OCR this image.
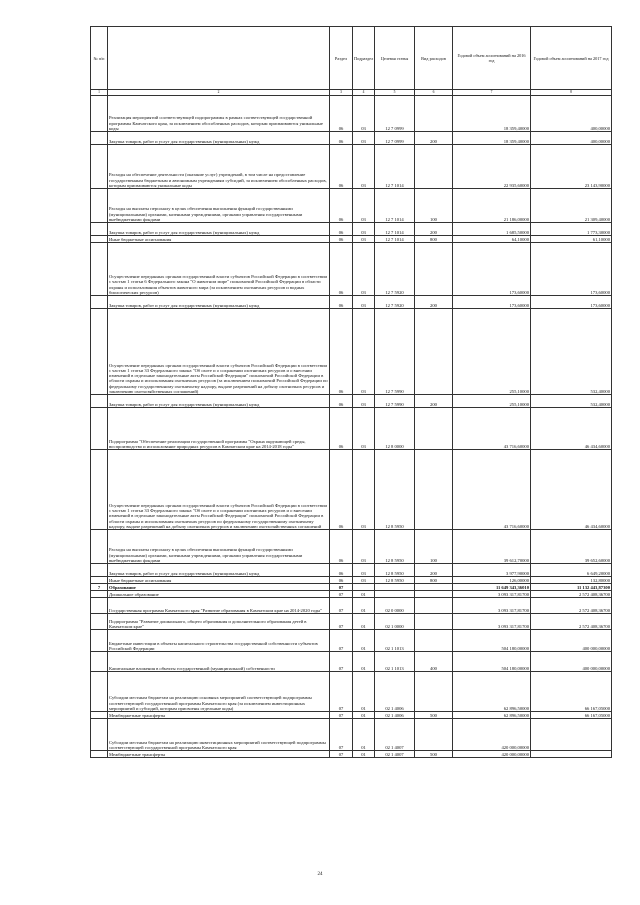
№ п/п		Раздел	Подраздел	Целевая статья	Вид расходов	Годовой объем ассигнований на 2016 год	Годовой объем ассигнований на 2017 год
1	2	3	4	5	6	7	8
	Реализация мероприятий соответствующей подпрограммы в рамках соответствующей государственной программы Камчатского края, за исключением обособленных расходов, которым присваиваются уникальные коды	06	03	12 7 0999		18 359,40000	400,00000
	Закупка товаров, работ и услуг для государственных (муниципальных) нужд	06	03	12 7 0999	200	18 359,40000	400,00000
	Расходы на обеспечение деятельности (оказание услуг) учреждений, в том числе на предоставление государственным бюджетным и автономным учреждениям субсидий, за исключением обособленных расходов, которым присваиваются уникальные коды	06	03	12 7 1014		22 935,60000	23 143,90000
	Расходы на выплаты персоналу в целях обеспечения выполнения функций государственными (муниципальными) органами, казенными учреждениями, органами управления государственными внебюджетными фондами	06	03	12 7 1014	100	21 186,00000	21 309,40000
	Закупка товаров, работ и услуг для государственных (муниципальных) нужд	06	03	12 7 1014	200	1 685,50000	1 773,30000
	Иные бюджетные ассигнования	06	03	12 7 1014	800	64,10000	61,10000
	Осуществление переданных органам государственной власти субъектов Российской Федерации в соответствии с частью 1 статьи 6 Федерального закона "О животном мире" полномочий Российской Федерации в области охраны и использования объектов животного мира (за исключением охотничьих ресурсов и водных биологических ресурсов)	06	03	12 7 5920		173,60000	173,60000
	Закупка товаров, работ и услуг для государственных (муниципальных) нужд	06	03	12 7 5920	200	173,60000	173,60000
	Осуществление переданных органам государственной власти субъектов Российской Федерации в соответствии с частью 1 статьи 33 Федерального закона "Об охоте и о сохранении охотничьих ресурсов и о внесении изменений в отдельные законодательные акты Российской Федерации" полномочий Российской Федерации в области охраны и использования охотничьих ресурсов (за исключением полномочий Российской Федерации по федеральному государственному охотничьему надзору, выдаче разрешений на добычу охотничьих ресурсов и заключению охотхозяйственных соглашений)	06	03	12 7 5990		255,10000	532,40000
	Закупка товаров, работ и услуг для государственных (муниципальных) нужд	06	03	12 7 5990	200	255,10000	532,40000
	Подпрограмма "Обеспечение реализации государственной программы "Охрана окружающей среды, воспроизводство и использование природных ресурсов в Камчатском крае на 2014-2018 годы"	06	03	12 8 0000		43 716,60000	46 434,60000
	Осуществление переданных органам государственной власти субъектов Российской Федерации в соответствии с частью 1 статьи 33 Федерального закона "Об охоте и о сохранении охотничьих ресурсов и о внесении изменений в отдельные законодательные акты Российской Федерации" полномочий Российской Федерации в области охраны и использования охотничьих ресурсов по федеральному государственному охотничьему надзору, выдаче разрешений на добычу охотничьих ресурсов и заключению охотхозяйственных соглашений	06	03	12 8 5950		43 716,60000	46 434,60000
	Расходы на выплаты персоналу в целях обеспечения выполнения функций государственными (муниципальными) органами, казенными учреждениями, органами управления государственными внебюджетными фондами	06	03	12 8 5950	100	39 612,70000	39 652,60000
	Закупка товаров, работ и услуг для государственных (муниципальных) нужд	06	03	12 8 5950	200	3 977,90000	6 649,20000
	Иные бюджетные ассигнования	06	03	12 8 5950	800	126,00000	132,80000
7	Образование	07				11 649 343,36010	11 132 443,87300
	Дошкольное образование	07	01			3 093 317,81700	2 572 408,36700
	Государственная программа Камчатского края "Развитие образования в Камчатском крае на 2014-2020 годы"	07	01	02 0 0000		3 093 317,81700	2 572 408,36700
	Подпрограмма "Развитие дошкольного, общего образования и дополнительного образования детей в Камчатском крае"	07	01	02 1 0000		3 093 317,81700	2 572 408,36700
	Бюджетные инвестиции в объекты капитального строительства государственной собственности субъектов Российской Федерации	07	01	02 1 1013		504 180,00000	400 000,00000
	Капитальные вложения в объекты государственной (муниципальной) собственности	07	01	02 1 1013	400	504 180,00000	400 000,00000
	Субсидии местным бюджетам на реализацию основных мероприятий соответствующей подпрограммы соответствующей государственной программы Камчатского края (за исключением инвестиционных мероприятий и субсидий, которым присвоены отдельные коды)	07	01	02 1 4006		62 896,50000	66 167,05000
	Межбюджетные трансферты	07	01	02 1 4006	500	62 896,50000	66 167,05000
	Субсидии местным бюджетам на реализацию инвестиционных мероприятий соответствующей подпрограммы соответствующей государственной программы Камчатского края	07	01	02 1 4007		420 000,00000	
	Межбюджетные трансферты	07	01	02 1 4007	500	420 000,00000	
24
